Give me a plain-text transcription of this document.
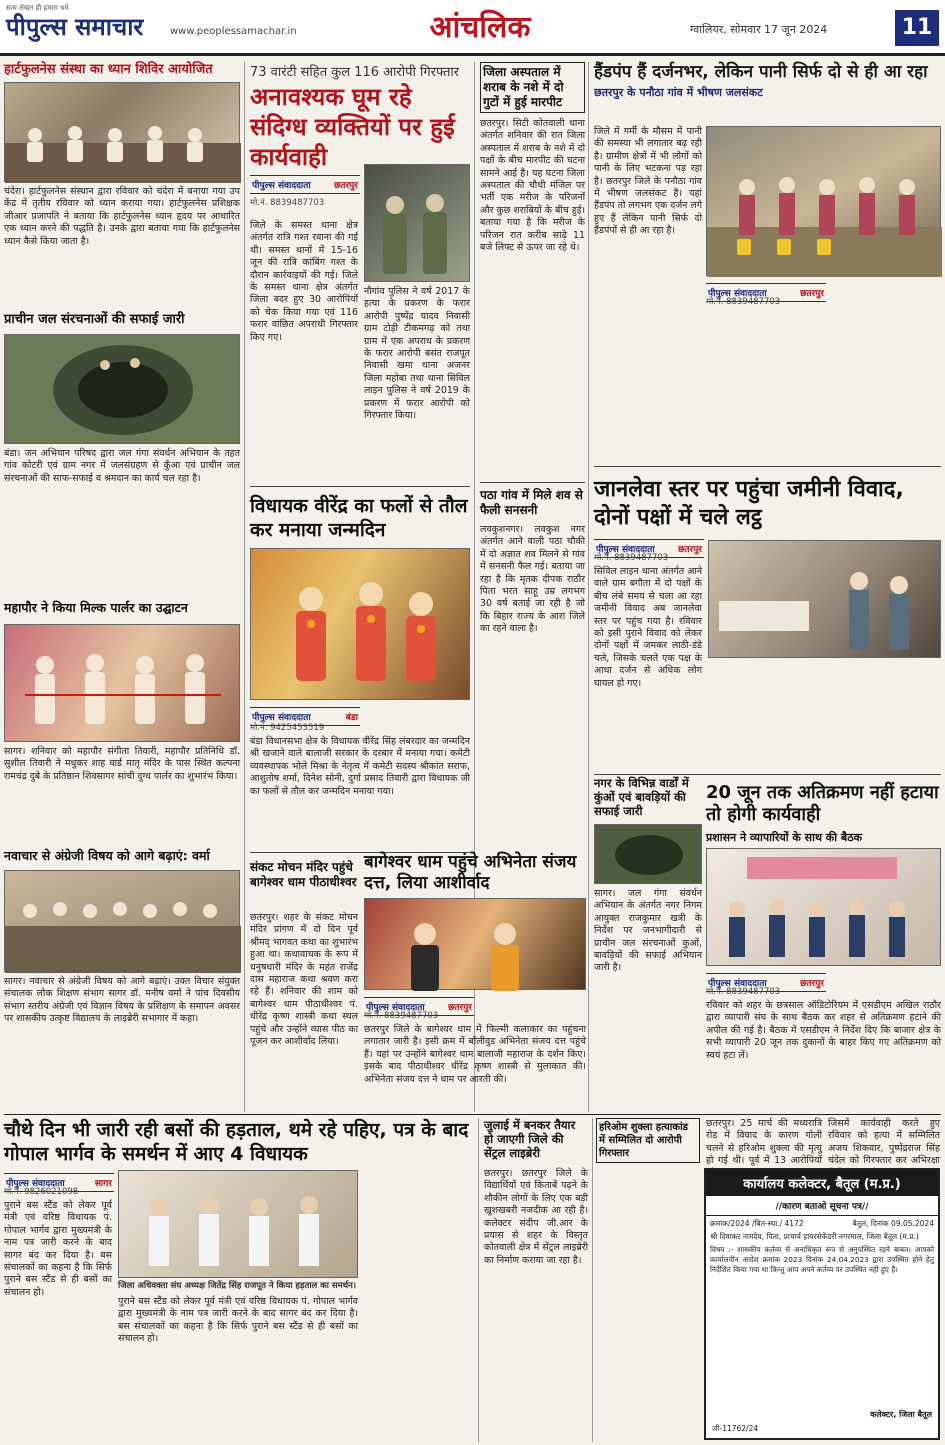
सत्य लेखन ही हमारा धर्म
पीपुल्स समाचार	www.peoplessamachar.in	आंचलिक	ग्वालियर, सोमवार 17 जून 2024	11
हार्टफुलनेस संस्था का ध्यान शिविर आयोजित
चंदेरा। हार्टफुलनेस संस्थान द्वारा रविवार को चंदेरा में बनाया गया उप केंद्र में तृतीय रविवार को ध्यान कराया गया। हार्टफुलनेस प्रशिक्षक जीआर प्रजापति ने बताया कि हार्टफुलनेस ध्यान हृदय पर आधारित एक ध्यान करने की पद्धति है। उनके द्वारा बताया गया कि हार्टफुलनेस ध्यान कैसे किया जाता है।
प्राचीन जल संरचनाओं की सफाई जारी
बंडा। जन अभियान परिषद द्वारा जल गंगा संवर्धन अभियान के तहत गांव कोटरी एवं ग्राम नगर में जलसंग्रहण से कुँआ एवं प्राचीन जल संरचनाओं की साफ-सफाई व श्रमदान का कार्य चल रहा है।
महापौर ने किया मिल्क पार्लर का उद्घाटन
सागर। शनिवार को महापौर संगीता तिवारी, महापौर प्रतिनिधि डॉ. सुशील तिवारी ने मधुकर शाह वार्ड मातृ मंदिर के पास स्थित कल्पना रामचंद्र दुबे के प्रतिष्ठान शिवसागर सांची दुग्ध पार्लर का शुभारंभ किया।
नवाचार से अंग्रेजी विषय को आगे बढ़ाएं: वर्मा
सागर। नवाचार से अंग्रेजी विषय को आगे बढ़ाएं। उक्त विचार संयुक्त संचालक लोक शिक्षण संभाग सागर डॉ. मनीष वर्मा ने पांच दिवसीय संभाग स्तरीय अंग्रेजी एवं विज्ञान विषय के प्रशिक्षण के समापन अवसर पर शासकीय उत्कृष्ट विद्यालय के लाइब्रेरी सभागार में कहा।
73 वारंटी सहित कुल 116 आरोपी गिरफ्तार
अनावश्यक घूम रहे संदिग्ध व्यक्तियों पर हुई कार्यवाही
पीपुल्स संवाददाता	छतरपुर
मो.नं. 8839487703
जिले के समस्त थाना क्षेत्र अंतर्गत रात्रि गश्त रवाना की गई थी। समस्त थानों में 15-16 जून की रात्रि कांबिंग गश्त के दौरान कार्रवाइयों की गई। जिले के समस्त थाना क्षेत्र अंतर्गत जिला बदर हुए 30 आरोपियों को चेक किया गया एवं 116 फरार वांछित अपराधी गिरफ्तार किए गए।
नौगांव पुलिस ने वर्ष 2017 के हत्या के प्रकरण के फरार आरोपी पुष्पेंद्र यादव निवासी ग्राम टोड़ी टीकमगढ़ को तथा ग्राम में एक अपराध के प्रकरण के फरार आरोपी बसंत राजपूत निवासी खमा थाना अजनर जिला महोबा तथा थाना सिविल लाइन पुलिस ने वर्ष 2019 के प्रकरण में फरार आरोपी को गिरफ्तार किया।
विधायक वीरेंद्र का फलों से तौल कर मनाया जन्मदिन
पीपुल्स संवाददाता	बंडा
मो.नं. 9425453519
बंडा विधानसभा क्षेत्र के विधायक वीरेंद्र सिंह लंबरदार का जन्मदिन श्री खजाने वाले बालाजी सरकार के दरबार में मनाया गया। कमेटी व्यवस्थापक भोले मिश्रा के नेतृत्व में कमेटी सदस्य श्रीकांत सराफ, आशुतोष शर्मा, दिनेश सोनी, दुर्गा प्रसाद तिवारी द्वारा विधायक जी का फलों से तौल कर जन्मदिन मनाया गया।
संकट मोचन मंदिर पहुंचे बागेश्वर धाम पीठाधीश्वर
छतरपुर। शहर के संकट मोचन मंदिर प्रांगण में दो दिन पूर्व श्रीमद् भागवत कथा का शुभारंभ हुआ था। कथावाचक के रूप में धनुषधारी मंदिर के महंत राजेंद्र दास महाराज कथा श्रवण करा रहे हैं। शनिवार की शाम को बागेश्वर धाम पीठाधीश्वर पं. धीरेंद्र कृष्ण शास्त्री कथा स्थल पहुंचे और उन्होंने व्यास पीठ का पूजन कर आशीर्वाद लिया।
जिला अस्पताल में शराब के नशे में दो गुटों में हुई मारपीट
छतरपुर। सिटी कोतवाली थाना अंतर्गत शनिवार की रात जिला अस्पताल में शराब के नशे में दो पक्षों के बीच मारपीट की घटना सामने आई है। यह घटना जिला अस्पताल की चौथी मंजिल पर भर्ती एक मरीज के परिजनों और कुछ शराबियों के बीच हुई। बताया गया है कि मरीज के परिजन रात करीब साढ़े 11 बजे लिफ्ट से ऊपर जा रहे थे।
पठा गांव में मिले शव से फैली सनसनी
लवकुशनगर। लवकुश नगर अंतर्गत आने वाली पठा चौकी में दो अज्ञात शव मिलने से गांव में सनसनी फैल गई। बताया जा रहा है कि मृतक दीपक राठौर पिता भरत साहू उम्र लगभग 30 वर्ष बताई जा रही है जो कि बिहार राज्य के आरा जिले का रहने वाला है।
बागेश्वर धाम पहुंचे अभिनेता संजय दत्त, लिया आशीर्वाद
पीपुल्स संवाददाता	छतरपुर
मो.नं. 8839487703
छतरपुर जिले के बागेश्वर धाम में फिल्मी कलाकार का पहुंचना लगातार जारी है। इसी क्रम में बॉलीवुड अभिनेता संजय दत्त पहुंचे हैं। यहां पर उन्होंने बागेश्वर धाम बालाजी महाराज के दर्शन किए। इसके बाद पीठाधीश्वर धीरेंद्र कृष्ण शास्त्री से मुलाकात की। अभिनेता संजय दत्त ने धाम पर आरती की।
हैंडपंप हैं दर्जनभर, लेकिन पानी सिर्फ दो से ही आ रहा
छतरपुर के पनौठा गांव में भीषण जलसंकट
जिले में गर्मी के मौसम में पानी की समस्या भी लगातार बढ़ रही है। ग्रामीण क्षेत्रों में भी लोगों को पानी के लिए भटकना पड़ रहा है। छतरपुर जिले के पनौठा गांव में भीषण जलसंकट है। यहां हैंडपंप तो लगभग एक दर्जन लगे हुए हैं लेकिन पानी सिर्फ दो हैंडपंपों से ही आ रहा है।
पीपुल्स संवाददाता	छतरपुर
मो.नं. 8839487703
जानलेवा स्तर पर पहुंचा जमीनी विवाद, दोनों पक्षों में चले लट्ठ
पीपुल्स संवाददाता	छतरपुर
मो.नं. 8839487703
सिविल लाइन थाना अंतर्गत आने वाले ग्राम बगौता में दो पक्षों के बीच लंबे समय से चला आ रहा जमीनी विवाद अब जानलेवा स्तर पर पहुंच गया है। रविवार को इसी पुराने विवाद को लेकर दोनों पक्षों में जमकर लाठी-डंडे चले, जिसके चलते एक पक्ष के आधा दर्जन से अधिक लोग घायल हो गए।
20 जून तक अतिक्रमण नहीं हटाया तो होगी कार्यवाही
प्रशासन ने व्यापारियों के साथ की बैठक
पीपुल्स संवाददाता	छतरपुर
मो.नं. 8839487703
रविवार को शहर के छत्रसाल ऑडिटोरियम में एसडीएम अखिल राठौर द्वारा व्यापारी संघ के साथ बैठक कर शहर से अतिक्रमण हटाने की अपील की गई है। बैठक में एसडीएम ने निर्देश दिए कि बाजार क्षेत्र के सभी व्यापारी 20 जून तक दुकानों के बाहर किए गए अतिक्रमण को स्वयं हटा लें।
नगर के विभिन्न वार्डों में कुंओं एवं बावड़ियों की सफाई जारी
सागर। जल गंगा संवर्धन अभियान के अंतर्गत नगर निगम आयुक्त राजकुमार खत्री के निर्देश पर जनभागीदारी से प्राचीन जल संरचनाओं कुओं, बावड़ियों की सफाई अभियान जारी है।
चौथे दिन भी जारी रही बसों की हड़ताल, थमे रहे पहिए, पत्र के बाद गोपाल भार्गव के समर्थन में आए 4 विधायक
पीपुल्स संवाददाता	सागर
मो.नं. 9826021098
पुराने बस स्टैंड को लेकर पूर्व मंत्री एवं वरिष्ठ विधायक पं. गोपाल भार्गव द्वारा मुख्यमंत्री के नाम पत्र जारी करने के बाद सागर बंद कर दिया है। बस संचालकों का कहना है कि सिर्फ पुराने बस स्टैंड से ही बसों का संचालन हो।
जिला अधिवक्ता संघ अध्यक्ष जितेंद्र सिंह राजपूत ने किया हड़ताल का समर्थन।
पुराने बस स्टैंड को लेकर पूर्व मंत्री एवं वरिष्ठ विधायक पं. गोपाल भार्गव द्वारा मुख्यमंत्री के नाम पत्र जारी करने के बाद सागर बंद कर दिया है। बस संचालकों का कहना है कि सिर्फ पुराने बस स्टैंड से ही बसों का संचालन हो।
जुलाई में बनकर तैयार हो जाएगी जिले की सेंट्रल लाइब्रेरी
छतरपुर। छतरपुर जिले के विद्यार्थियों एवं किताबें पढ़ने के शौकीन लोगों के लिए एक बड़ी खुशखबरी नजदीक आ रही है। कलेक्टर संदीप जी.आर के प्रयास से शहर के विस्तृत कोतवाली क्षेत्र में सेंट्रल लाइब्रेरी का निर्माण कराया जा रहा है।
हरिओम शुक्ला हत्याकांड में सम्मिलित दो आरोपी गिरफ्तार
छतरपुर। 25 मार्च की मध्यरात्रि रोड में विवाद के कारण गोली चलने से हरिओम शुक्ला की मृत्यु हो गई थी। पूर्व में 13 आरोपियों
जिसमें कार्यवाही करते हुए रविवार को हत्या में सम्मिलित अजय शिकवार, पुष्पेंद्रराज सिंह चंदेल को गिरफ्तार कर अभिरक्षा
कार्यालय कलेक्टर, बैतूल (म.प्र.)
//कारण बताओ सूचना पत्र//
क्रमांक/2024 /बित-स्था./ 4172	बैतूल, दिनांक 09.05.2024
श्री दिवाकर नामदेव, पिता, प्राचार्य हायरसेकेंडरी नगरमाल, जिला बैतूल (म.प्र.)
विषय :- शासकीय कर्तव्य से अनाधिकृत रूप से अनुपस्थित रहने बाबत। आपको कार्यालयीन आदेश क्रमांक 2023 दिनांक 24.04.2023 द्वारा उपस्थित होने हेतु निर्देशित किया गया था किन्तु आप अपने कर्तव्य पर उपस्थित नहीं हुए हैं।
कलेक्टर, जिला बैतूल
जी-11762/24
